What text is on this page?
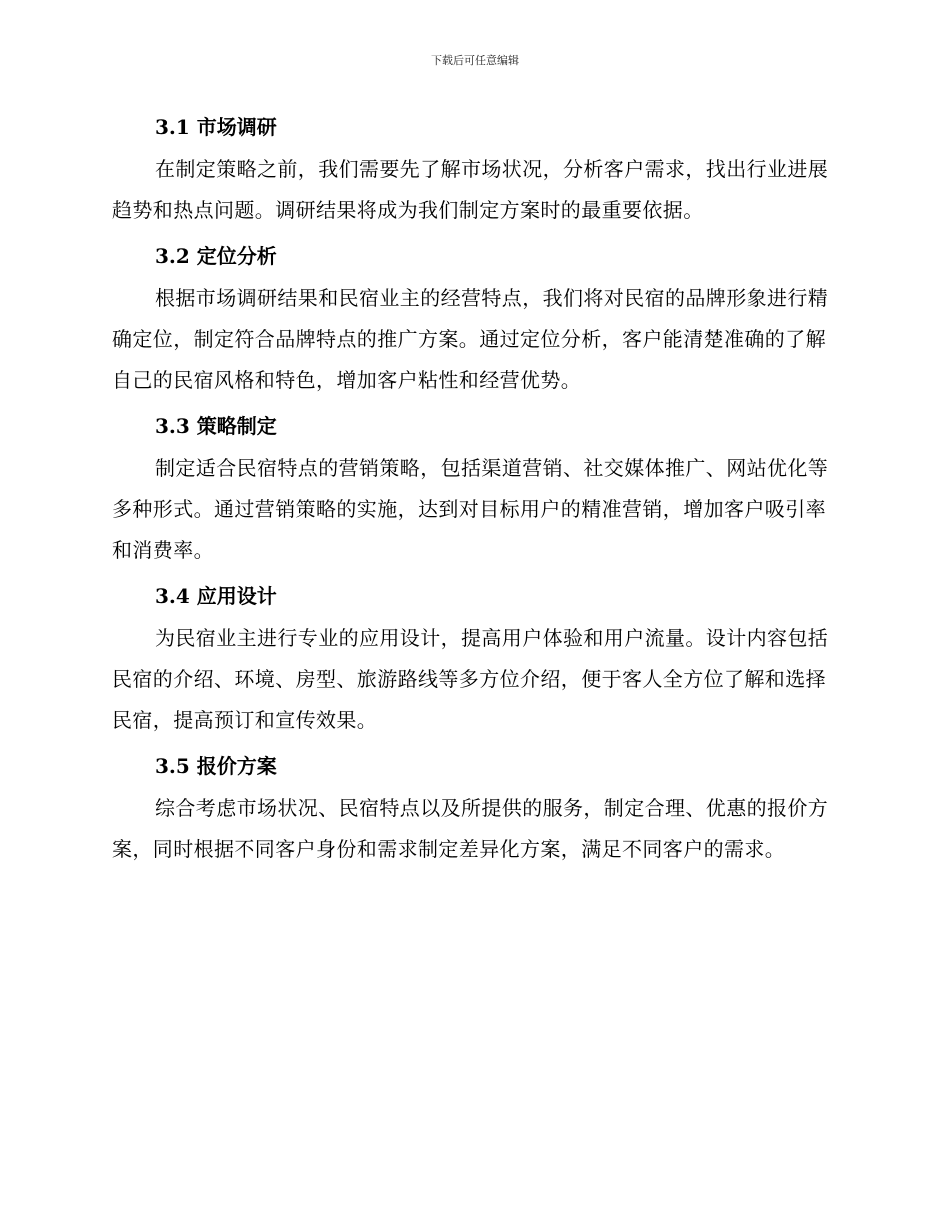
下载后可任意编辑
3.1 市场调研

在制定策略之前，我们需要先了解市场状况，分析客户需求，找出行业进展趋势和热点问题。调研结果将成为我们制定方案时的最重要依据。

3.2 定位分析

根据市场调研结果和民宿业主的经营特点，我们将对民宿的品牌形象进行精确定位，制定符合品牌特点的推广方案。通过定位分析，客户能清楚准确的了解自己的民宿风格和特色，增加客户粘性和经营优势。

3.3 策略制定

制定适合民宿特点的营销策略，包括渠道营销、社交媒体推广、网站优化等多种形式。通过营销策略的实施，达到对目标用户的精准营销，增加客户吸引率和消费率。

3.4 应用设计

为民宿业主进行专业的应用设计，提高用户体验和用户流量。设计内容包括民宿的介绍、环境、房型、旅游路线等多方位介绍，便于客人全方位了解和选择民宿，提高预订和宣传效果。

3.5 报价方案

综合考虑市场状况、民宿特点以及所提供的服务，制定合理、优惠的报价方案，同时根据不同客户身份和需求制定差异化方案，满足不同客户的需求。
